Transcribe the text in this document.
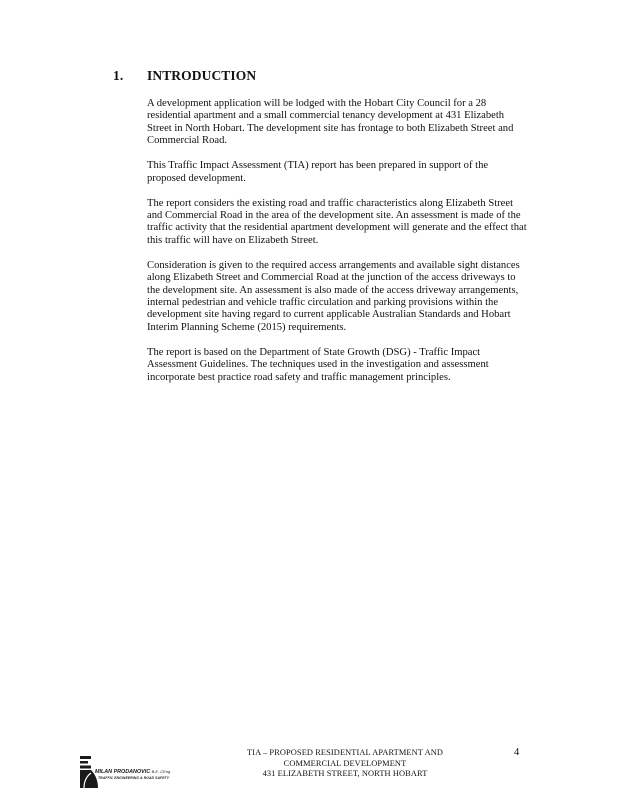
1. INTRODUCTION

A development application will be lodged with the Hobart City Council for a 28 residential apartment and a small commercial tenancy development at 431 Elizabeth Street in North Hobart. The development site has frontage to both Elizabeth Street and Commercial Road.

This Traffic Impact Assessment (TIA) report has been prepared in support of the proposed development.

The report considers the existing road and traffic characteristics along Elizabeth Street and Commercial Road in the area of the development site. An assessment is made of the traffic activity that the residential apartment development will generate and the effect that this traffic will have on Elizabeth Street.

Consideration is given to the required access arrangements and available sight distances along Elizabeth Street and Commercial Road at the junction of the access driveways to the development site. An assessment is also made of the access driveway arrangements, internal pedestrian and vehicle traffic circulation and parking provisions within the development site having regard to current applicable Australian Standards and Hobart Interim Planning Scheme (2015) requirements.

The report is based on the Department of State Growth (DSG) - Traffic Impact Assessment Guidelines. The techniques used in the investigation and assessment incorporate best practice road safety and traffic management principles.

MILAN PRODANOVIC B.E. CEng
TRAFFIC ENGINEERING & ROAD SAFETY
TIA – PROPOSED RESIDENTIAL APARTMENT AND
COMMERCIAL DEVELOPMENT
431 ELIZABETH STREET, NORTH HOBART
4
